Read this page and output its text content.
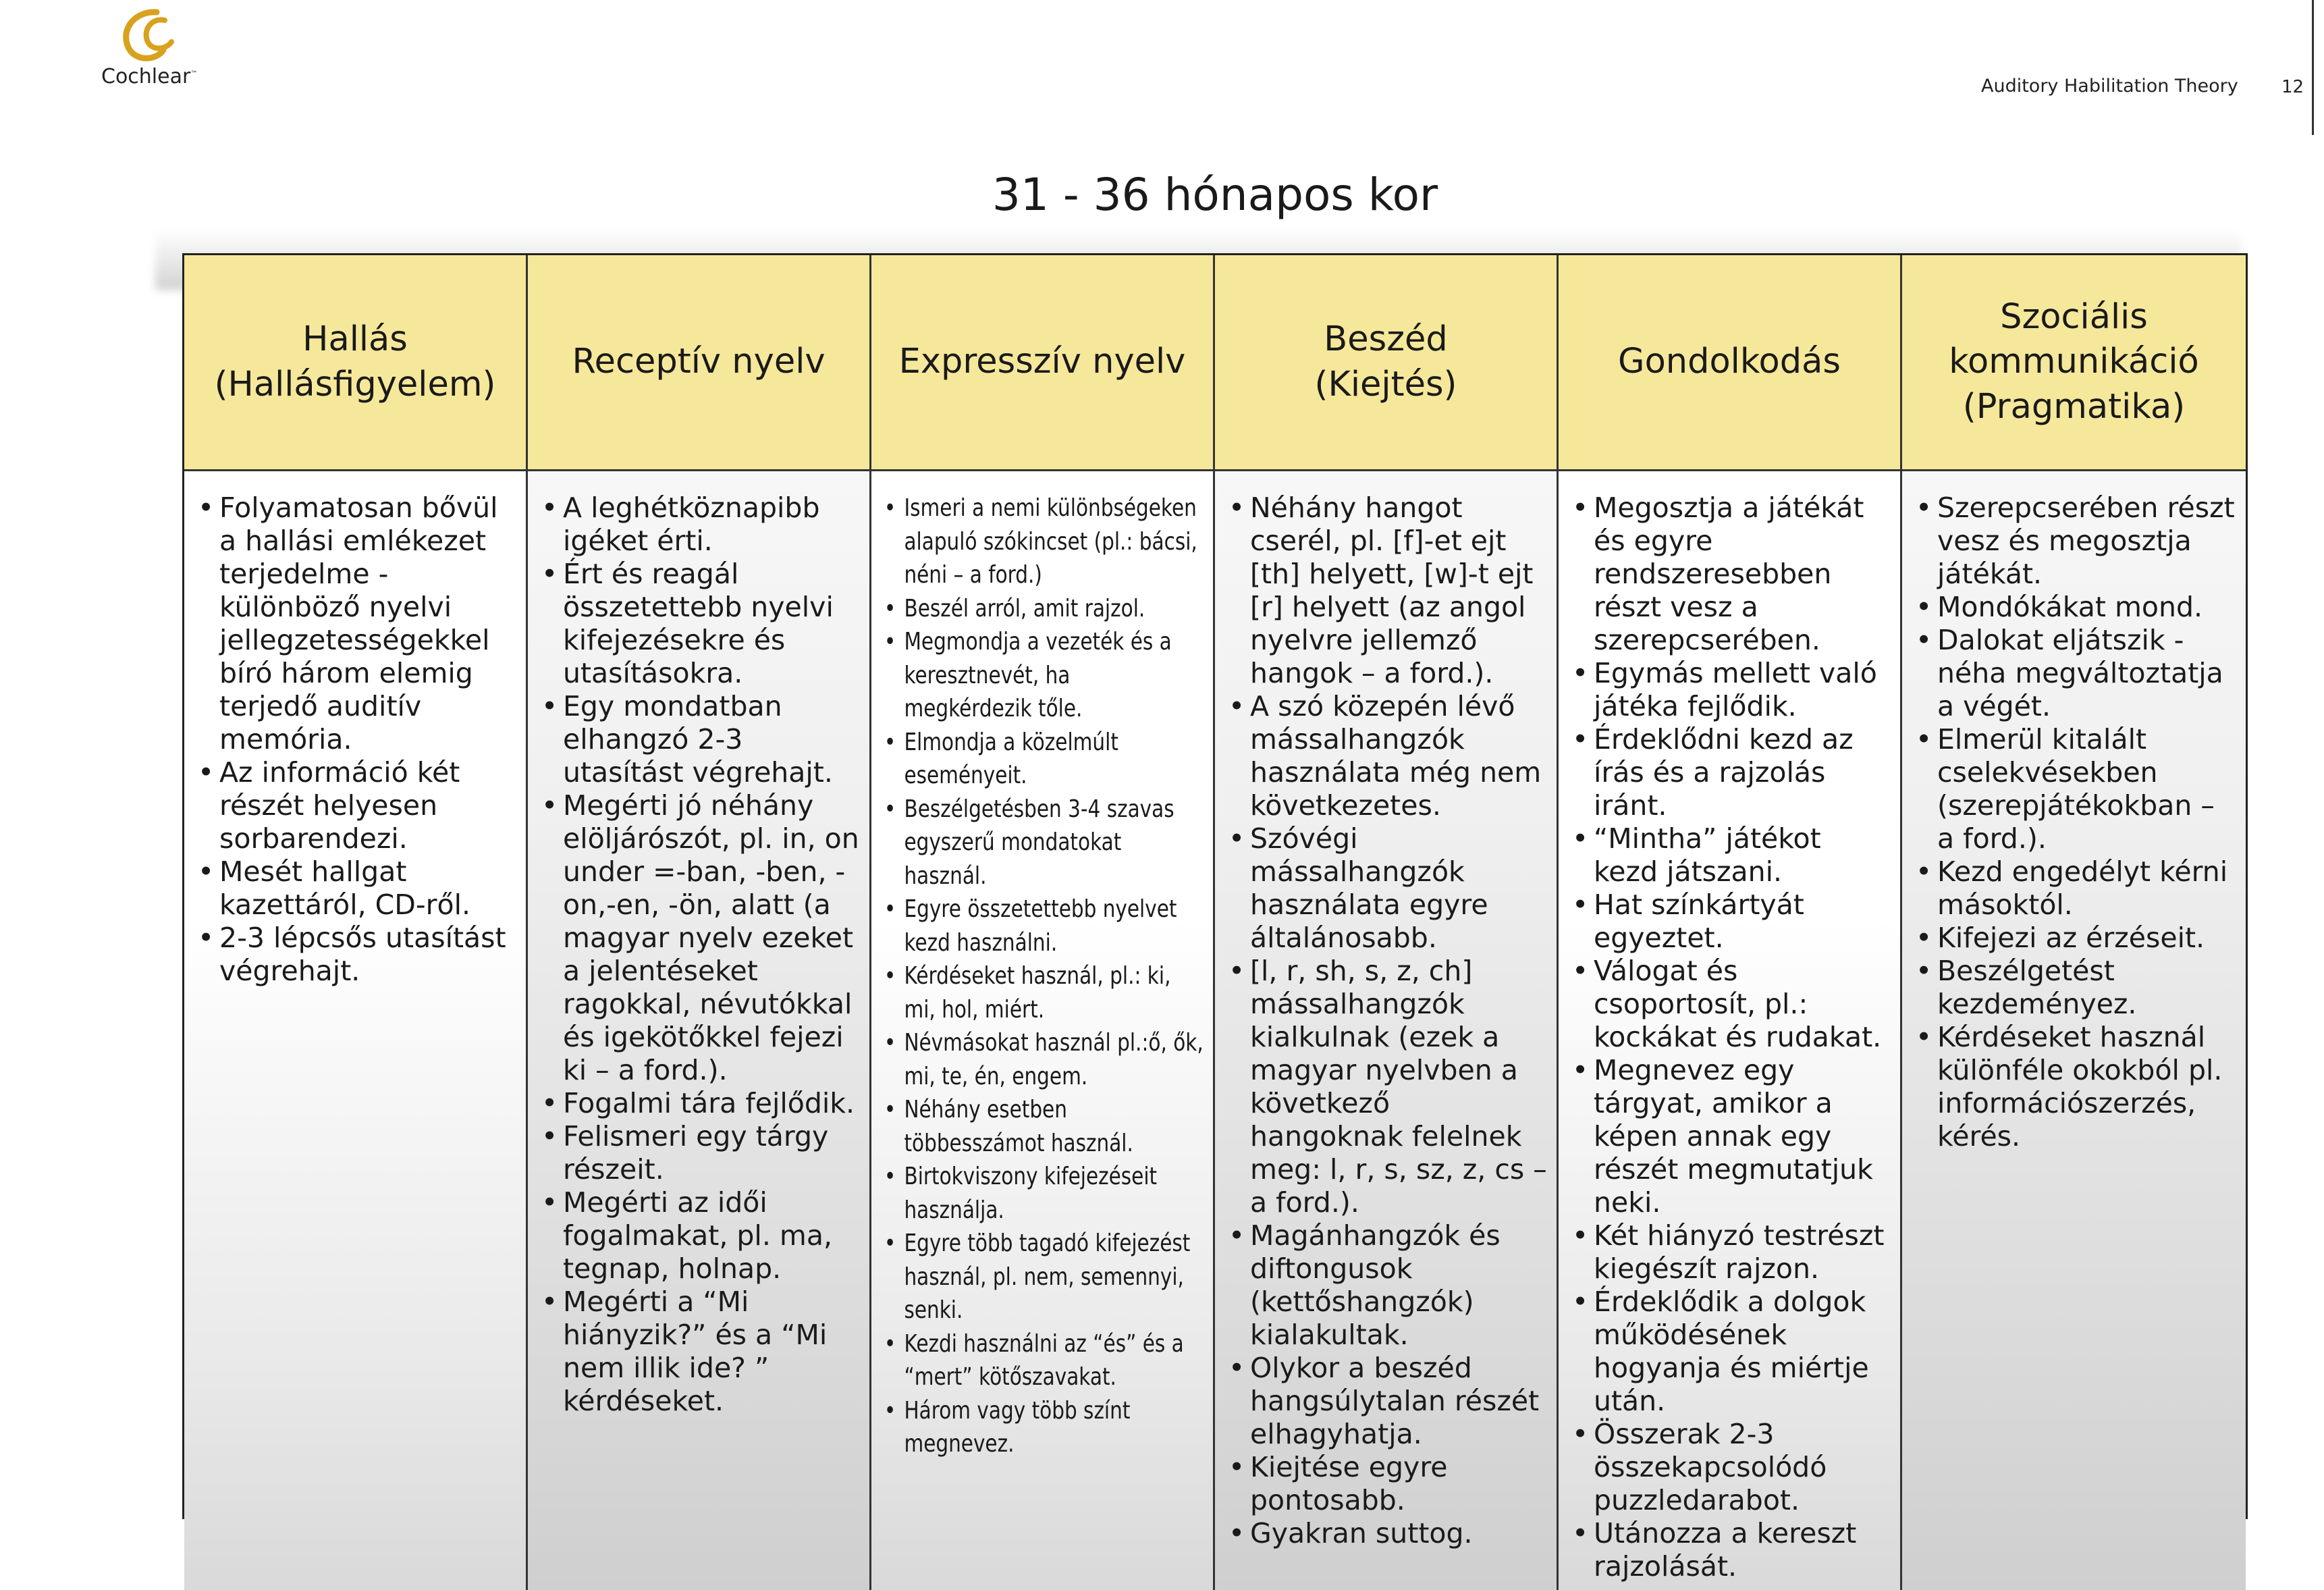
Cochlear™
Auditory Habilitation Theory 12
31 - 36 hónapos kor
Hallás
(Hallásfigyelem)
Receptív nyelv Expresszív nyelv
Beszéd
(Kiejtés)
Gondolkodás
Szociális kommunikáció
(Pragmatika)
• Folyamatosan bővül a hallási emlékezet terjedelme - különböző nyelvi jellegzetességekkel bíró három elemig terjedő auditív memória.
• Az információ két részét helyesen sorbarendezi.
• Mesét hallgat kazettáról, CD-ről.
• 2-3 lépcsős utasítást végrehajt.
• A leghétköznapibb igéket érti.
• Ért és reagál összetettebb nyelvi kifejezésekre és utasításokra.
• Egy mondatban elhangzó 2-3 utasítást végrehajt.
• Megérti jó néhány elöljárószót, pl. in, on under =-ban, -ben, -on,-en, -ön, alatt (a magyar nyelv ezeket a jelentéseket ragokkal, névutókkal és igekötőkkel fejezi ki – a ford.).
• Fogalmi tára fejlődik.
• Felismeri egy tárgy részeit.
• Megérti az idői fogalmakat, pl. ma, tegnap, holnap.
• Megérti a “Mi hiányzik?” és a “Mi nem illik ide? ” kérdéseket.
• Ismeri a nemi különbségeken alapuló szókincset (pl.: bácsi, néni – a ford.)
• Beszél arról, amit rajzol.
• Megmondja a vezeték és a keresztnevét, ha megkérdezik tőle.
• Elmondja a közelmúlt eseményeit.
• Beszélgetésben 3-4 szavas egyszerű mondatokat használ.
• Egyre összetettebb nyelvet kezd használni.
• Kérdéseket használ, pl.: ki, mi, hol, miért.
• Névmásokat használ pl.:ő, ők, mi, te, én, engem.
• Néhány esetben többesszámot használ.
• Birtokviszony kifejezéseit használja.
• Egyre több tagadó kifejezést használ, pl. nem, semennyi, senki.
• Kezdi használni az “és” és a “mert” kötőszavakat.
• Három vagy több színt megnevez.
• Néhány hangot cserél, pl. [f]-et ejt [th] helyett, [w]-t ejt [r] helyett (az angol nyelvre jellemző hangok – a ford.).
• A szó közepén lévő mássalhangzók használata még nem következetes.
• Szóvégi mássalhangzók használata egyre általánosabb.
• [l, r, sh, s, z, ch] mássalhangzók kialkulnak (ezek a magyar nyelvben a következő hangoknak felelnek meg: l, r, s, sz, z, cs – a ford.).
• Magánhangzók és diftongusok (kettőshangzók) kialakultak.
• Olykor a beszéd hangsúlytalan részét elhagyhatja.
• Kiejtése egyre pontosabb.
• Gyakran suttog.
• Megosztja a játékát és egyre rendszeresebben részt vesz a szerepcserében.
• Egymás mellett való játéka fejlődik.
• Érdeklődni kezd az írás és a rajzolás iránt.
• “Mintha” játékot kezd játszani.
• Hat színkártyát egyeztet.
• Válogat és csoportosít, pl.: kockákat és rudakat.
• Megnevez egy tárgyat, amikor a képen annak egy részét megmutatjuk neki.
• Két hiányzó testrészt kiegészít rajzon.
• Érdeklődik a dolgok működésének hogyanja és miértje után.
• Összerak 2-3 összekapcsolódó puzzledarabot.
• Utánozza a kereszt rajzolását.
• Szerepcserében részt vesz és megosztja játékát.
• Mondókákat mond.
• Dalokat eljátszik - néha megváltoztatja a végét.
• Elmerül kitalált cselekvésekben (szerepjátékokban – a ford.).
• Kezd engedélyt kérni másoktól.
• Kifejezi az érzéseit.
• Beszélgetést kezdeményez.
• Kérdéseket használ különféle okokból pl. információszerzés, kérés.
